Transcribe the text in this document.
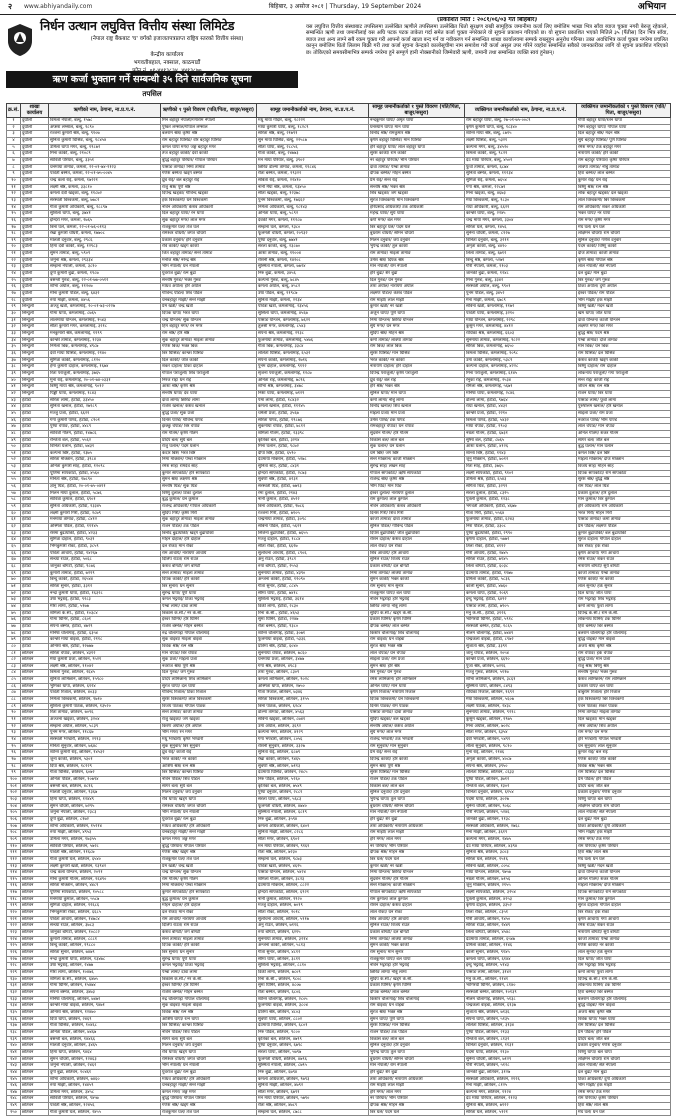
२ www.abhiyandaily.com	बिहिबार, ३ असोज २०८१ | Thursday, 19 September 2024	अभियान
निर्धन उत्थान लघुवित्त वित्तीय संस्था लिमिटेड
(नेपाल राष्ट्र बैंकबाट 'घ' वर्गको इजाजतपत्रप्राप्त राष्ट्रिय स्तरको वित्तीय संस्था)
केन्द्रीय कार्यालय
भगवतीबहाल, नक्साल, काठमाडौं
ऋण कर्जा भुक्तान गर्ने सम्बन्धी ३५ दिने सार्वजनिक सूचना
तपसिल
(प्रकाशित मिति : २०८१/०६/०३ गते बिहिबार)
यस लघुवित्त वित्तीय संस्थाबाट तपसिलमा उल्लेखित ऋणीले तपसिलमा उल्लेखित धितो सुरक्षण राखी सामूहिक जमानीमा कर्जा लिए बमोजिम भाखा भित्र साँवा ब्याज चुक्ता नगरी बेरुजु रहेकाले, सम्बन्धित ऋणी तथा जमानीलाई यस अघि पटक पटक ताकेता गर्दा समेत कर्जा चुक्ता नगरेकाले यो सूचना प्रकाशन गरिएको छ। यो सूचना प्रकाशित भएको मितिले ३५ (पैंतीस) दिन भित्र साँवा, ब्याज तथा अन्य लाग्ने सबै रकम चुक्ता गरी आफ्नो कर्जा खाता बन्द गर्न वा नवीकरण गर्न सम्बन्धित शाखा कार्यालयमा सम्पर्क राख्नुहुन अनुरोध गरिन्छ। उक्त अवधिभित्र कर्जा चुक्ता नगरेमा प्रचलित कानून बमोजिम धितो लिलाम बिक्री गरी तथा कर्जा सूचना केन्द्रको कालोसूचीमा नाम समावेश गरी कर्जा असुल उपर गरिने व्यहोरा सम्बन्धित सबैको जानकारीका लागि यो सूचना प्रकाशित गरिएको छ। तोकिएको समयसीमाभित्र सम्पर्क नगरेमा हुने सम्पूर्ण हानी नोक्सानीको जिम्मेवारी ऋणी, जमानी तथा सम्बन्धित व्यक्ति स्वयं हुनेछन्।
क्र.सं.	शाखा कार्यालय	ऋणीको नाम, ठेगाना, ना.प्र.प.नं.	ऋणीको १ पुस्ते विवरण (पति/पिता, बाजुर/ससुरा)	सामूह जमानीकर्ताको नाम, ठेगाना, ना.प्र.प.नं.	सामूह जमानीकर्ताको १ पुस्ते विवरण (पति/पिता, बाजुर/ससुरा)	व्यक्तिगत जमानीकर्ताको नाम, ठेगाना, ना.प्र.प.नं.	व्यक्तिगत जमानीकर्ताको १ पुस्ते विवरण (पति/पिता, बाजुर/ससुरा)
१	दुधौली	विमला नेपाली, बल्दु, १५७८	मिन बहादुर नेपाली/गंगाराम नेपाली	मधु माया गोदार, बल्दु, १८२२१	नन्दकुमार थापा/ अमृत थापा	राम बहादुर थापा, बल्दु, २७-०१-७५-००८९	गोपी बहादुर थापा/रतन थापा
२	दुधौली	अप्सरा लम्साल, बल्दु, १८९०	पुष्कर लम्साल/गोपाल लम्साल	माया कुमारी थापा, बल्दु, १८२८९	घनश्याम थापा/ मान थापा	कृष्ण कुमारी थापा, बल्दु, १८३४०	भिम बहादुर थापा/ गोपाल थापा
३	दुधौली	रञ्जना कुमारी श्रेष्ठ, बल्दु, ९१०७	बलराम श्रेष्ठ/ कृष्ण श्रेष्ठ	सरिता श्रेष्ठ, बल्दु, २१७९१	विनोद श्रेष्ठ/ रामकुमार श्रेष्ठ	शान्ति माया श्रेष्ठ, बल्दु, ८७१५	दिल बहादुर श्रेष्ठ/ मदन श्रेष्ठ
४	दुधौली	सुनिता कुमारी घिसिङ, बल्दु, १८४५४	राम बहादुर घिसिङ/ वीर बहादुर घिसिङ	सुन माया घिसिङ, बल्दु, २२५८७	कृष्ण बहादुर घिसिङ/ मान घिसिङ	लक्ष्मी घिसिङ, बल्दु, ५३२१	सुर्य बहादुर घिसिङ/ पूर्ण घिसिङ
५	दुधौली	उर्मिला थापा मगर, बल्दु, १९८७२	कमल थापा मगर/ जङ्ग बहादुर मगर	सीता थापा, बल्दु, २८८५६	हरि बहादुर थापा/ लाल बहादुर थापा	कल्पना मगर, बल्दु, ३४५२०	रमेश मगर/ टेक बहादुर मगर
६	दुधौली	मिना कार्की, बल्दु, २१०८९	तेज बहादुर कार्की/ देवी कार्की	गीता कार्की, बल्दु, २४७७३	सुरेश कार्की/ राम कार्की	बिमला कार्की, बल्दु, ९८२१	नारायण कार्की/ हरि कार्की
७	दुधौली	सावित्री परियार, बल्दु, ३३५१	बुद्धि बहादुर परियार/ गोपाल परियार	मन माया परियार, बल्दु, ३९०२	नर बहादुर परियार/ भीम परियार	देउ माया परियार, बल्दु, ४५०१	राम बहादुर परियार/ कृष्ण परियार
८	दुधौली	धनमाया तामाङ, कमला, २२-०१-७४-११२३	पासाङ तामाङ/ निमा तामाङ	छिरिङ डोल्मा तामाङ, कमला, ११८४६	दावा तामाङ/ पेम्बा तामाङ	फुर्वा तामाङ, कमला, ६८७४	लाक्पा तामाङ/ नोर्बु तामाङ
९	दुधौली	पार्वती बस्नेत, कमला, २२-०१-७५-००४५	गणेश बस्नेत/ खड्ग बस्नेत	रीता बस्नेत, कमला, १९३२२	दीपक बस्नेत/ मोहन बस्नेत	सुनिता बस्नेत, कमला, ११२३४	हिरा बस्नेत/ लाल बस्नेत
१०	दुधौली	चन्द्र कला राई, कमला, १७२२१	ध्रुव राई/ बल बहादुर राई	सबिता राई, कमला, २२४१०	प्रेम राई/ सन्त राई	सुमित्रा राई, कमला, ७६५४	कुमार राई/ धन राई
११	दुधौली	लक्ष्मी श्रेष्ठ, कमला, ३३८१०	राजु श्रेष्ठ/ पूर्ण श्रेष्ठ	नानी मैया श्रेष्ठ, कमला, १३४५०	सन्तोष श्रेष्ठ/ भक्त श्रेष्ठ	गंगा श्रेष्ठ, कमला, २२८७१	बिष्णु श्रेष्ठ/ रत्न श्रेष्ठ
१२	दुधौली	कमला देवी खड्का, बल्दु, ११८७२	दिपेन्द्र खड्का/ गोविन्द खड्का	सीता खड्का, बल्दु, १२३७८	शिव खड्का/ जंग खड्का	मिना खड्का, बल्दु, ४६७३	लोक बहादुर खड्का/ दल खड्का
१३	दुधौली	सरस्वती विश्वकर्मा, बल्दु, ७७८२	हर्क विश्वकर्मा/ धने विश्वकर्मा	पुनम विश्वकर्मा, बल्दु, १७६६२	सुरज विश्वकर्मा/ मान विश्वकर्मा	मैया विश्वकर्मा, बल्दु, ९८३०	लाल विश्वकर्मा/ बिर विश्वकर्मा
१४	दुधौली	गीता कुमारी अधिकारी, बल्दु, २८८९७	नविन अधिकारी/ केशव अधिकारी	निर्मला अधिकारी, बल्दु, १८१४३	हरिप्रसाद अधिकारी/ टंक अधिकारी	राधा अधिकारी, बल्दु, ६६२१	राम अधिकारी/ शंकर अधिकारी
१५	दुधौली	सुशिला थापा, बल्दु, ३७४१	दिल बहादुर थापा/ रन थापा	अनिता थापा, बल्दु, ५८९२	महेन्द्र थापा/ सुर्य थापा	कान्छी थापा, बल्दु, २२४५	भक्त थापा/ नर थापा
१६	दुधौली	इन्दिरा मगर, कमला, २७६५	सुक बहादुर मगर/ लाल मगर	देवकी मगर, कमला, ११२८७	कर्ण मगर/ बल मगर	चन्द्र माया मगर, कमला, ३३०४	राम मगर/ कृष्ण मगर
१७	दुधौली	बिना घले, कमला, २२-०१-७६-०११३	राजकुमार घले/ तेज घले	सम्झना घले, कमला, ९३८०	बिर बहादुर घले/ पदम घले	सरिता घले, कमला, १४५६	मेघ घले/ धन घले
१८	दुधौली	रेखा कुमारी चौधरी, कमला, १७७०८	रामेश्वर चौधरी/ जगत चौधरी	फूलमती चौधरी, कमला, २०९३२	बुधराम चौधरी/ सोमन चौधरी	सुनैना चौधरी, कमला, ८१२७	लक्षिमन चौधरी/ राम चौधरी
१९	दुधौली	मालती दनुवार, बल्दु, २९८६	प्रकाश दनुवार/ हरि दनुवार	पुष्पा दनुवार, बल्दु, ७७४१	मिलन दनुवार/ जय दनुवार	विनिता दनुवार, बल्दु, ३२११	सुनिल दनुवार/ गणेश दनुवार
२०	दुधौली	हिमा देवी कार्की, बल्दु, १२९८३	रवि कार्की/ खड्ग कार्की	सरला कार्की, बल्दु, २३८७०	भुपेन्द्र कार्की/ तुल कार्की	अमृता कार्की, बल्दु, ४४१०	पदम कार्की/ विष्णु कार्की
२१	दुधौली	सुमन तामाङ, बल्दु, ५९०९	जित बहादुर तामाङ/ सन्ते तामाङ	आशा तामाङ, बल्दु, ११००४	राम तामाङ/ माइला तामाङ	लिला तामाङ, बल्दु, ६७१२	दोर्जे तामाङ/ काजी तामाङ
२२	दुधौली	जमुना श्रेष्ठ, कमला, २९३३४	मनोज श्रेष्ठ/ नरेन्द्र श्रेष्ठ	रोशनी श्रेष्ठ, कमला, १४२०८	उमेश श्रेष्ठ/ दिपक श्रेष्ठ	बिन्दु श्रेष्ठ, कमला, ५२७१	कृष्ण श्रेष्ठ/ गोपाल श्रेष्ठ
२३	दुधौली	सम्झना नेपाली, कमला, ३८१०	भीम नेपाली/ धन नेपाली	सुस्मिता नेपाली, कमला, ७७२४	मान नेपाली/ राम नेपाली	गौरी नेपाली, कमला, ११०३	लाल नेपाली/ सेते नेपाली
२४	दुधौली	दुर्गा कुमारी बुढा, कमला, १९८७	युवराज बुढा/ रत्न बुढा	निरु बुढा, कमला, ३४५६	हरि बुढा/ शेर बुढा	जानकी बुढा, कमला, १२४८	दल बुढा/ मान बुढा
२५	दुधौली	बसन्ती गुरुङ, बल्दु, २२-०१-७७-०५१२	सन्तोष गुरुङ/ भक्त गुरुङ	कल्पना गुरुङ, बल्दु, ७८४५	दिल गुरुङ/ धन गुरुङ	मिना गुरुङ, बल्दु, ३३४२	बिर गुरुङ/ जंग गुरुङ
२६	दुधौली	शोभा अर्याल, बल्दु, ११२०७	माधव अर्याल/ हरि अर्याल	कमला अर्याल, बल्दु, ४५८२	तारा अर्याल/ नारायण अर्याल	सरस्वती अर्याल, बल्दु, ९९०१	टिका अर्याल/ दुर्गा अर्याल
२७	दुधौली	मीना कुमारी पौडेल, बल्दु, ६४३२	गोविन्द पौडेल/ शिव पौडेल	उषा पौडेल, बल्दु, ११९८७	लक्ष्मण पौडेल/ केशव पौडेल	पुनम पौडेल, बल्दु, ३४५२	ईश्वर पौडेल/ राम पौडेल
२८	दुधौली	रुपा माझी, कमला, ४४५६	धनबहादुर माझी/ सन्ते माझी	सुनिता माझी, कमला, २२३४	राम माझी/ लाल माझी	मैना माझी, कमला, ६७८९	भीम माझी/ हर्क माझी
२९	सिन्धुली	अञ्जु खत्री, कमलामाई, २०-०१-७३-०२२७	प्रेम खत्री/ चन्द्र खत्री	पवित्रा खत्री, कमलामाई, २३४५६	कुमार खत्री/ नर खत्री	सविना खत्री, कमलामाई, ११७२	बिष्णु खत्री/ मदन खत्री
३०	सिन्धुली	गोमा थापा, कमलामाई, ८७६५	दिपक थापा/ भरत थापा	सुसिला थापा, कमलामाई, ४५६७	अर्जुन थापा/ पूर्ण थापा	पार्वती थापा, कमलामाई, ३२१०	खेम थापा/ जीत थापा
३१	सिन्धुली	लालमाया योन्जन, कमलामाई, १५४३	चन्द्र योन्जन/ सुक योन्जन	पासाङ योन्जन, कमलामाई, ७६२१	निमा योन्जन/ छिरिङ योन्जन	माया योन्जन, कमलामाई, २२९८	दावा योन्जन/ काजी योन्जन
३२	सिन्धुली	सीता कुमारी मगर, कमलामाई, ३२१८	हिम बहादुर मगर/ रन मगर	तुलसी मगर, कमलामाई, ८५४३	सुर्य मगर/ धन मगर	कुसुम मगर, कमलामाई, ४४१२	लक्ष्मण मगर/ बिर मगर
३३	सिन्धुली	मनकुमारी श्रेष्ठ, कमलामाई, ११९९	राम श्रेष्ठ/ हरि श्रेष्ठ	सपना श्रेष्ठ, कमलामाई, २९३८	सुदिप श्रेष्ठ/ मोहन श्रेष्ठ	राधिका श्रेष्ठ, कमलामाई, ६६०३	बुद्धि श्रेष्ठ/ पदम श्रेष्ठ
३४	सिन्धुली	कान्छी तामाङ, कमलामाई, १२३४	सुक बहादुर तामाङ/ माइला तामाङ	फुलमाया तामाङ, कमलामाई, ५४७६	कर्मा तामाङ/ लाक्पा तामाङ	सुनमाया तामाङ, कमलामाई, ९८२२	पेम्बा तामाङ/ दोर्जे तामाङ
३५	सिन्धुली	निर्मला बिक, कमलामाई, ४९८७	गणेश बिक/ भक्त बिक	गीता बिक, कमलामाई, ३३८४	राम बिक/ लाल बिक	सरिता बिक, कमलामाई, ७६५०	मान बिक/ धन बिक
३६	सिन्धुली	देवी माया घिसिङ, कमलामाई, २१४०	बिर घिसिङ/ कान्छा घिसिङ	ललिता घिसिङ, कमलामाई, ६५३२	सुरेश घिसिङ/ मान घिसिङ	बिमला घिसिङ, कमलामाई, १०९८	राम घिसिङ/ दल घिसिङ
३७	सिन्धुली	सुमित्रा कार्की, कमलामाई, ८१२०	दिल कार्की/ जीत कार्की	सपना कार्की, कमलामाई, २७१६	भरत कार्की/ नर कार्की	उमा कार्की, कमलामाई, ५३८९	केशव कार्की/ खड्ग कार्की
३८	सिन्धुली	हेमा कुमारी दाहाल, कमलामाई, १६७४	शंकर दाहाल/ टिका दाहाल	पुनम दाहाल, कमलामाई, ९११२	नारायण दाहाल/ हरि दाहाल	कल्पना दाहाल, कमलामाई, ४२२८	बिष्णु दाहाल/ राम दाहाल
३९	सिन्धुली	रिता पराजुली, कमलामाई, ३७६५	गोपाल पराजुली/ शिव पराजुली	सृजना पराजुली, कमलामाई, १२८७	दिपेन्द्र पराजुली/ कृष्ण पराजुली	मिना पराजुली, कमलामाई, ६१४५	लोकनाथ पराजुली/ गंगा पराजुली
४०	सिन्धुली	मुना राई, कमलामाई, २०-०१-७४-०३३१	निरज राई/ धन राई	अनिता राई, कमलामाई, ७८९६	ध्रुव राई/ बल राई	रेनुका राई, कमलामाई, २५३४	सन्त राई/ काजी राई
४१	सिन्धुली	बिष्णु माया श्रेष्ठ, कमलामाई, ९०१२	आशा श्रेष्ठ/ कृष्ण श्रेष्ठ	शोभा श्रेष्ठ, कमलामाई, ३४७८	हरि श्रेष्ठ/ भक्त श्रेष्ठ	रमिला श्रेष्ठ, कमलामाई, ५६७१	जीवन श्रेष्ठ/ रत्न श्रेष्ठ
४२	सिन्धुली	पिङ्की थापा, कमलामाई, १८४३	सन्तोष थापा/ देव थापा	निशा थापा, कमलामाई, ७१२९	सुनिल थापा/ मान थापा	मनिषा थापा, कमलामाई, २८४६	राजन थापा/ बिर थापा
४३	हेटौंडा	सरिता लामा, हेटौंडा, ३३४५०	दावा लामा/ छिरिङ लामा	पेमा लामा, हेटौंडा, १८४३२	कर्मा लामा/ नोर्बु लामा	डोल्मा लामा, हेटौंडा, ९७६४	पासाङ लामा/ फुर्वा लामा
४४	हेटौंडा	सुनिता खनाल, हेटौंडा, २७१८९	राजेश खनाल/ केशव खनाल	कमला खनाल, हेटौंडा, ११२४५	विनोद खनाल/ शिव खनाल	राधा खनाल, हेटौंडा, ४४३२	पुरुषोत्तम खनाल/ हरि खनाल
४५	हेटौंडा	मञ्जु प्रजा, हेटौंडा, ६६२१	बुद्धि प्रजा/ सुक प्रजा	चमेली प्रजा, हेटौंडा, ३५६७	माइला प्रजा/ मान प्रजा	कान्छी प्रजा, हेटौंडा, २२१०	साइँला प्रजा/ राम प्रजा
४६	हेटौंडा	गंगा कुमारी पाण्डे, हेटौंडा, ८९०१	दिनेश पाण्डे/ गोविन्द पाण्डे	सरिता पाण्डे, हेटौंडा, १९८७६	उमेश पाण्डे/ टंक पाण्डे	बिमला पाण्डे, हेटौंडा, ५४३२	नवराज पाण्डे/ भीम पाण्डे
४७	हेटौंडा	पुष्पा चेपाङ, हेटौंडा, ४४८९	झक्कु चेपाङ/ बिर चेपाङ	सुकमाया चेपाङ, हेटौंडा, ७८१२	रामबहादुर चेपाङ/ धन चेपाङ	माया चेपाङ, हेटौंडा, १९०३	लाल चेपाङ/ मान चेपाङ
४८	हेटौंडा	सावित्री गौतम, हेटौंडा, १४७८६	राम गौतम/ कृष्ण गौतम	शर्मिला गौतम, हेटौंडा, २३३९८	सुदर्शन गौतम/ हरि गौतम	नम्रता गौतम, हेटौंडा, ६७३१	अनिल गौतम/ शंकर गौतम
४९	हेटौंडा	रन्जिता बल, हेटौंडा, ५५६२	प्रदिप बल/ सुर्य बल	कृतिका बल, हेटौंडा, ३२१४	विकास बल/ लाल बल	सुष्मा बल, हेटौंडा, ८७६५	सागर बल/ जीत बल
५०	हेटौंडा	विनिता घलान, हेटौंडा, ७४३१	राजु घलान/ पदम घलान	मिना घलान, हेटौंडा, ९८७२	सुक घलान/ धन घलान	आशा घलान, हेटौंडा, ४१२६	बुद्ध घलान/ मान घलान
५१	हेटौंडा	कल्पना बिष्ट, हेटौंडा, २३७५	केदार बिष्ट/ भरत बिष्ट	दीपा बिष्ट, हेटौंडा, ६५९०	धर्म बिष्ट/ जंग बिष्ट	शान्ता बिष्ट, हेटौंडा, ११४३	कमल बिष्ट/ दल बिष्ट
५२	हेटौंडा	सरिता मोक्तान, हेटौंडा, ३९८४	निमा मोक्तान/ पेम्बा मोक्तान	देउमाया मोक्तान, हेटौंडा, ५२७८	सन्ते मोक्तान/ काजी मोक्तान	जुनु मोक्तान, हेटौंडा, ७०१२	माइला मोक्तान/ दोर्जे मोक्तान
५३	हेटौंडा	अनिता कुमारी साह, हेटौंडा, १२०९८	रमेश साह/ रामदेव साह	सुनिता साह, हेटौंडा, ८४३१	सुरेन्द्र साह/ लखन साह	रिता साह, हेटौंडा, ३७६५	विजय साह/ मोहन साह
५४	हेटौंडा	पूर्णिमा सापकोटा, हेटौंडा, ४५६०	कुमार सापकोटा/ हरि सापकोटा	इन्दिरा सापकोटा, हेटौंडा, २८७३	गोपाल सापकोटा/ ऋषि सापकोटा	लक्ष्मी सापकोटा, हेटौंडा, ९१०२	दिपक सापकोटा/ राम सापकोटा
५५	हेटौंडा	मनिता श्रेष्ठ, हेटौंडा, १७८९०	सुमन श्रेष्ठ/ लक्ष्मण श्रेष्ठ	सुवर्णा श्रेष्ठ, हेटौंडा, ४२३१	राजेन्द्र श्रेष्ठ/ कृष्ण श्रेष्ठ	उर्मिला श्रेष्ठ, हेटौंडा, ६५४३	सुरेश श्रेष्ठ/ बुद्धि श्रेष्ठ
५६	हेटौंडा	ज्ञानु थिङ, हेटौंडा, २०-०१-७५-०४११	सन्तोष थिङ/ सुक थिङ	सरस्वती थिङ, हेटौंडा, ७७१३	भीम थिङ/ मान थिङ	संगिता थिङ, हेटौंडा, ३२९१	राम थिङ/ लाल थिङ
५७	हेटौंडा	मिलन माया दुलाल, हेटौंडा, ५८७६	विष्णु दुलाल/ टिका दुलाल	रमा दुलाल, हेटौंडा, २१४३	ईश्वर दुलाल/ नारायण दुलाल	सरला दुलाल, हेटौंडा, ८३२५	प्रकाश दुलाल/ हरि दुलाल
५८	हेटौंडा	सावित्रा कुमाल, हेटौंडा, ६९०१	बुद्ध कुमाल/ धन कुमाल	नानी कुमाल, हेटौंडा, ४५२२	राम कुमाल/ लाल कुमाल	पुतली कुमाल, हेटौंडा, १२३८	मान कुमाल/ बिर कुमाल
५९	हेटौंडा	सुनिता अधिकारी, हेटौंडा, १३३४५	राजेन्द्र अधिकारी/ गोपाल अधिकारी	बिना अधिकारी, हेटौंडा, ९७८६	नविन अधिकारी/ केशव अधिकारी	भगवती अधिकारी, हेटौंडा, ४६७७	हरि अधिकारी/ राम अधिकारी
६०	हेटौंडा	लक्ष्मी कुमारी गिरी, हेटौंडा, २८७९	सुदिप गिरी/ कृष्ण गिरी	रञ्जना गिरी, हेटौंडा, ७१०५	दिनेश गिरी/ शिव गिरी	गीता गिरी, हेटौंडा, ५५६४	भरत गिरी/ मोहन गिरी
६१	हेटौंडा	मनमाया तामाङ, हेटौंडा, ८४१२	सुक बहादुर तामाङ/ माइला तामाङ	चन्द्रमाया तामाङ, हेटौंडा, ३०९८	काजी तामाङ/ दावा तामाङ	फुलमाया तामाङ, हेटौंडा, ६२४३	पासाङ तामाङ/ कर्मा तामाङ
६२	हेटौंडा	अस्मिता पौडेल, हेटौंडा, १११४५	राजन पौडेल/ टंक पौडेल	सबिना पौडेल, हेटौंडा, ५६२१	सुनिल पौडेल/ गोविन्द पौडेल	निरा पौडेल, हेटौंडा, ३३०८	प्रेम पौडेल/ लक्ष्मण पौडेल
६३	हेटौंडा	रेशमा बुढाथोकी, हेटौंडा, ४२३३	बिनोद बुढाथोकी/ खड्ग बुढाथोकी	सिर्जना बुढाथोकी, हेटौंडा, ७६५५	दिपेश बुढाथोकी/ जीत बुढाथोकी	पुष्पा बुढाथोकी, हेटौंडा, २९९०	कुमार बुढाथोकी/ बल बुढाथोकी
६४	हेटौंडा	सुमित्रा दाहाल, हेटौंडा, ९०३१	मोहन दाहाल/ हरि दाहाल	मञ्जु दाहाल, हेटौंडा, १८८४	रोशन दाहाल/ केशव दाहाल	कृष्णा दाहाल, हेटौंडा, ५७७२	सुरज दाहाल/ गोपाल दाहाल
६५	हेटौंडा	भिमकुमारी रोका, हेटौंडा, ३८५९	दल रोका/ मान रोका	सीता रोका, हेटौंडा, ६६२७	लाल रोका/ धन रोका	तिला रोका, हेटौंडा, ४११२	बिर रोका/ हर्क रोका
६६	हेटौंडा	पविता आचार्य, हेटौंडा, १४२६७	राम आचार्य/ नारायण आचार्य	सुलोचना आचार्य, हेटौंडा, ८९०६	शिव आचार्य/ हरि आचार्य	गौरी आचार्य, हेटौंडा, २७४५	कृष्ण आचार्य/ गंगा आचार्य
६७	हेटौंडा	सन्ध्या राउत, हेटौंडा, ५०६८	दिलिप राउत/ राम राउत	अनु राउत, हेटौंडा, ३९८१	सुनिल राउत/ विजय राउत	सरिता राउत, हेटौंडा, ७१४५	रमेश राउत/ शंकर राउत
६८	हेटौंडा	जानुका बोगटी, हेटौंडा, ९८७६	केशव बोगटी/ जंग बोगटी	रुपा बोगटी, हेटौंडा, २५५३	प्रकाश बोगटी/ दल बोगटी	लिला बोगटी, हेटौंडा, ६०३८	नारायण बोगटी/ सुर्य बोगटी
६९	हेटौंडा	कुमारी तामाङ, हेटौंडा, ७२१९	सन्ते तामाङ/ माइला तामाङ	सुनमाया तामाङ, हेटौंडा, ४३९०	निमा तामाङ/ लाक्पा तामाङ	देउमाया तामाङ, हेटौंडा, ११७७	काजी तामाङ/ पेम्बा तामाङ
७०	हेटौंडा	बिन्दु कार्की, हेटौंडा, २६५४४	दिपक कार्की/ हरि कार्की	अन्जना कार्की, हेटौंडा, १२०९०	सुमन कार्की/ भक्त कार्की	प्रमिला कार्की, हेटौंडा, ५८३६	गणेश कार्की/ नर कार्की
७१	हेटौंडा	सरिता सुनार, हेटौंडा, ३३१२	बिर सुनार/ धन सुनार	गीता सुनार, हेटौंडा, ८८४५	राम सुनार/ मान सुनार	काली सुनार, हेटौंडा, ४७६०	लाल सुनार/ हर्क सुनार
७२	हेटौंडा	नन्दा कुमारी थापा, हेटौंडा, १६३२८	सुरेन्द्र थापा/ पूर्ण थापा	सीमा थापा, हेटौंडा, ७४१८	राजकुमार थापा/ बल थापा	कमला थापा, हेटौंडा, २०६९	दिल थापा/ जीत थापा
७३	हेटौंडा	उषा भट्टराई, हेटौंडा, ९२८३	कमल भट्टराई/ टिका भट्टराई	सुशिला भट्टराई, हेटौंडा, ३६१४	नविन भट्टराई/ हरि भट्टराई	इन्दु भट्टराई, हेटौंडा, ६४९२	राम भट्टराई/ शिव भट्टराई
७४	हेटौंडा	मीरा लामा, हेटौंडा, ५१७७	पेम्बा लामा/ दावा लामा	डिकी लामा, हेटौंडा, २८३०	छिरिङ लामा/ नोर्बु लामा	पासाङ लामा, हेटौंडा, ७९०५	कर्मा लामा/ फुर्वा लामा
७५	हेटौंडा	शर्मिला के.सी., हेटौंडा, १०३८४	बिकास के.सी./ नर के.सी.	रिना के.सी., हेटौंडा, ४६५३	सुदिप के.सी./ खड्ग के.सी.	मनु के.सी., हेटौंडा, ३१२६	दिपेन्द्र के.सी./ राम के.सी.
७६	हेटौंडा	गोमा घिमिरे, हेटौंडा, ८६०१	ईश्वर घिमिरे/ हरि घिमिरे	सुमा घिमिरे, हेटौंडा, २२४७	प्रकाश घिमिरे/ कृष्ण घिमिरे	भागिरथी घिमिरे, हेटौंडा, ५९१८	लोकनाथ घिमिरे/ टंक घिमिरे
७७	हेटौंडा	सपना बस्नेत, हेटौंडा, ४७२९	राजेश बस्नेत/ मोहन बस्नेत	रीता बस्नेत, हेटौंडा, ९३८०	दीपक बस्नेत/ लाल बस्नेत	सरस्वती बस्नेत, हेटौंडा, १८६५	हिरा बस्नेत/ बिर बस्नेत
७८	हेटौंडा	मनिषा चौलागाईं, हेटौंडा, ६३५४	रुद्र चौलागाईं/ गोपाल चौलागाईं	शान्ति चौलागाईं, हेटौंडा, ३०७१	किशोर चौलागाईं/ शिव चौलागाईं	नीलम चौलागाईं, हेटौंडा, ७४४९	बलराम चौलागाईं/ हरि चौलागाईं
७९	हेटौंडा	कान्छी माया वाइबा, हेटौंडा, २११८	सुक वाइबा/ माइला वाइबा	फुलमाया वाइबा, हेटौंडा, ५३३६	राम वाइबा/ धन वाइबा	चन्द्रकला वाइबा, हेटौंडा, ८९७२	बुद्धि वाइबा/ मान वाइबा
८०	हेटौंडा	अनिशा श्रेष्ठ, हेटौंडा, १२७७७	विवेक श्रेष्ठ/ रत्न श्रेष्ठ	प्रतिमा श्रेष्ठ, हेटौंडा, ६०४०	सुरज श्रेष्ठ/ भक्त श्रेष्ठ	सुजाता श्रेष्ठ, हेटौंडा, ३३९१	अजय श्रेष्ठ/ कृष्ण श्रेष्ठ
८१	छतिवन	सरिता चेपाङ, छतिवन, ४३१२	मान चेपाङ/ बिर चेपाङ	सुनमाया चेपाङ, छतिवन, ७८६०	लाल चेपाङ/ धन चेपाङ	जानु चेपाङ, छतिवन, २०५४	राम चेपाङ/ हर्क चेपाङ
८२	छतिवन	मैया कुमारी प्रजा, छतिवन, ९५२१	सुक प्रजा/ माइला प्रजा	धनमाया प्रजा, छतिवन, ३४७७	साइँला प्रजा/ राम प्रजा	कान्छी प्रजा, छतिवन, ६६९०	बुद्धि प्रजा/ मान प्रजा
८३	छतिवन	लक्ष्मी श्रेष्ठ, छतिवन, ११०४२	नवराज श्रेष्ठ/ पूर्ण श्रेष्ठ	गंगा श्रेष्ठ, छतिवन, ४९८३	सुमन श्रेष्ठ/ हरि श्रेष्ठ	पुजा श्रेष्ठ, छतिवन, ७२१६	राजु श्रेष्ठ/ बिष्णु श्रेष्ठ
८४	छतिवन	बिमला गुरुङ, छतिवन, २६४५	दिल गुरुङ/ जंग गुरुङ	तारा गुरुङ, छतिवन, ८३०९	बिर गुरुङ/ धन गुरुङ	मञ्जु गुरुङ, छतिवन, ५११७	सन्तोष गुरुङ/ भक्त गुरुङ
८५	छतिवन	सुनिता लामिछाने, छतिवन, १५९८०	प्रदिप लामिछाने/ शिव लामिछाने	कमला लामिछाने, छतिवन, ९०२८	रमेश लामिछाने/ हरि लामिछाने	शोभा लामिछाने, छतिवन, ३८६१	केशव लामिछाने/ राम लामिछाने
८६	छतिवन	भुमिका थापा, छतिवन, ६१२४	सुरज थापा/ दल थापा	अस्मिता थापा, छतिवन, २७५०	अनिल थापा/ मान थापा	सुस्मिता थापा, छतिवन, ८४९३	प्रकाश थापा/ बल थापा
८७	छतिवन	पार्वती रिजाल, छतिवन, ४०३३	गोविन्द रिजाल/ टिका रिजाल	गीता रिजाल, छतिवन, ७३४६	कृष्ण रिजाल/ नारायण रिजाल	राधिका रिजाल, छतिवन, १६९२	बाबुराम रिजाल/ हरि रिजाल
८८	छतिवन	निर्मला विश्वकर्मा, छतिवन, ९७१०	सुरेश विश्वकर्मा/ लाल विश्वकर्मा	सरिता विश्वकर्मा, छतिवन, ३१५५	दिपक विश्वकर्मा/ धन विश्वकर्मा	मैया विश्वकर्मा, छतिवन, ५६०७	हर्क विश्वकर्मा/ बिर विश्वकर्मा
८९	छतिवन	सुशिला कुमारी पाठक, छतिवन, १३५२०	विजय पाठक/ गोपाल पाठक	बिना पाठक, छतिवन, ६२८४	दिनेश पाठक/ राम पाठक	लक्ष्मी पाठक, छतिवन, २४३८	पवन पाठक/ शंकर पाठक
९०	छतिवन	रिता तामाङ, छतिवन, ७०९६	सन्ते तामाङ/ काजी तामाङ	डोल्मा तामाङ, छतिवन, ४५६३	पासाङ तामाङ/ दावा तामाङ	सुनमाया तामाङ, छतिवन, ९२१८	निमा तामाङ/ माइला तामाङ
९१	छतिवन	अञ्जना खड्का, छतिवन, ३२०४	राजु खड्का/ जंग खड्का	सविना खड्का, छतिवन, ८७४१	सुदिप खड्का/ बल खड्का	कुसुम खड्का, छतिवन, १९७५	दिल खड्का/ मान खड्का
९२	छतिवन	सम्झना अर्याल, छतिवन, ५८३९	किरण अर्याल/ हरि अर्याल	उमा अर्याल, छतिवन, ३६९२	सन्तोष अर्याल/ केशव अर्याल	मिना अर्याल, छतिवन, ७०२८	रमेश अर्याल/ शिव अर्याल
९३	छतिवन	पुनम मगर, छतिवन, ११८६७	भीम मगर/ रन मगर	कल्पना मगर, छतिवन, ४१२९	सुर्य मगर/ लाल मगर	सीता मगर, छतिवन, ६३५४	राम मगर/ धन मगर
९४	छतिवन	सरस्वती भण्डारी, छतिवन, २९१३	मधु भण्डारी/ कृष्ण भण्डारी	गंगा भण्डारी, छतिवन, ८०५६	राजेन्द्र भण्डारी/ टंक भण्डारी	देवी भण्डारी, छतिवन, ५४९१	हरि भण्डारी/ गोपाल भण्डारी
९५	छतिवन	मनिता सुनुवार, छतिवन, ७६४८	सुक सुनुवार/ बिर सुनुवार	रोशनी सुनुवार, छतिवन, ३३२७	राम सुनुवार/ मान सुनुवार	लीला सुनुवार, छतिवन, ९८१०	धन सुनुवार/ लाल सुनुवार
९६	छतिवन	शान्ति कुमारी राई, छतिवन, १४५३२	ध्रुव राई/ काजी राई	सुनिता राई, छतिवन, ६८७९	प्रेम राई/ सन्त राई	मुना राई, छतिवन, २१४६	कुमार राई/ बल राई
९७	छतिवन	जुना कार्की, छतिवन, ५३०१	भरत कार्की/ नर कार्की	रेखा कार्की, छतिवन, ९४६५	दिपेन्द्र कार्की/ हरि कार्की	अमृता कार्की, छतिवन, ४०८७	गणेश कार्की/ जीत कार्की
९८	छतिवन	दिपा श्रेष्ठ, छतिवन, १८२२९	आशिष श्रेष्ठ/ रत्न श्रेष्ठ	सुवर्णा श्रेष्ठ, छतिवन, ७११३	सुमन श्रेष्ठ/ पूर्ण श्रेष्ठ	सपना श्रेष्ठ, छतिवन, ३९५०	विवेक श्रेष्ठ/ भक्त श्रेष्ठ
९९	छतिवन	गीता घिसिङ, छतिवन, ६०७२	बिर घिसिङ/ कान्छा घिसिङ	देउमाया घिसिङ, छतिवन, २४८५	सुरेश घिसिङ/ मान घिसिङ	ललिता घिसिङ, छतिवन, ८६३३	राम घिसिङ/ दल घिसिङ
१००	छतिवन	अनिता पौडेल, छतिवन, १०७९४	नविन पौडेल/ शिव पौडेल	निरु पौडेल, छतिवन, ५२६०	राजन पौडेल/ टंक पौडेल	पुष्पा पौडेल, छतिवन, ३७१२	प्रेम पौडेल/ हरि पौडेल
१०१	छतिवन	बसन्ती बल, छतिवन, ४८१६	सागर बल/ सुर्य बल	कृतिका बल, छतिवन, ७५४९	विकास बल/ लाल बल	रन्जिता बल, छतिवन, १३०२	प्रदिप बल/ जीत बल
१०२	छतिवन	मालती दनुवार, छतिवन, ९३६७	मिलन दनुवार/ जय दनुवार	पुष्पा दनुवार, छतिवन, २८८१	सुनिल दनुवार/ हरि दनुवार	विनिता दनुवार, छतिवन, ६१५४	प्रकाश दनुवार/ गणेश दनुवार
१०३	छतिवन	हिमा थापा, छतिवन, १२४४९	रवि थापा/ खड्ग थापा	सरला थापा, छतिवन, ५६८३	भुपेन्द्र थापा/ तुल थापा	पदमा थापा, छतिवन, ३०२७	विष्णु थापा/ बल थापा
१०४	छतिवन	सुमन चौधरी, छतिवन, ७२९५	रामेश्वर चौधरी/ जगत चौधरी	फूलमती चौधरी, छतिवन, ४७४०	बुधराम चौधरी/ सोमन चौधरी	सुनैना चौधरी, छतिवन, ९०६८	लक्षिमन चौधरी/ राम चौधरी
१०५	छतिवन	जमुना नेपाली, छतिवन, २३८३	भीम नेपाली/ धन नेपाली	सुस्मिता नेपाली, छतिवन, ६८१९	मान नेपाली/ राम नेपाली	गौरी नेपाली, छतिवन, ५२४६	लाल नेपाली/ सेते नेपाली
१०६	छतिवन	दुर्गा बुढा, छतिवन, ८१७२	युवराज बुढा/ रत्न बुढा	निरु बुढा, छतिवन, ३५९४	हरि बुढा/ शेर बुढा	जानकी बुढा, छतिवन, ११३८	दल बुढा/ मान बुढा
१०७	छतिवन	शोभा अधिकारी, छतिवन, १५२१४	माधव अधिकारी/ हरि अधिकारी	कमला अधिकारी, छतिवन, ६४०१	तारा अधिकारी/ नारायण अधिकारी	सरस्वती अधिकारी, छतिवन, २७६८	टिका अधिकारी/ दुर्गा अधिकारी
१०८	छतिवन	रुपा माझी, छतिवन, ४९५३	धनबहादुर माझी/ सन्ते माझी	सुनिता माझी, छतिवन, ८२८६	राम माझी/ लाल माझी	मैना माझी, छतिवन, ३६१९	भीम माझी/ हर्क माझी
१०९	छतिवन	उर्मिला मगर, छतिवन, १७३५५	कमल मगर/ जङ्ग मगर	सीता मगर, छतिवन, ६९०२	हरि मगर/ लाल मगर	कल्पना मगर, छतिवन, २४७५	रमेश मगर/ टेक मगर
११०	छतिवन	सावित्री परियार, छतिवन, ५७२८	बुद्धि परियार/ गोपाल परियार	मन माया परियार, छतिवन, ९१६१	नर परियार/ भीम परियार	देउ माया परियार, छतिवन, ४३९४	राम परियार/ कृष्ण परियार
१११	छतिवन	पार्वती श्रेष्ठ, छतिवन, ११६८७	गणेश श्रेष्ठ/ खड्ग श्रेष्ठ	रीता श्रेष्ठ, छतिवन, ७२३०	दीपक श्रेष्ठ/ मोहन श्रेष्ठ	सुनिता श्रेष्ठ, छतिवन, ३८०३	हिरा श्रेष्ठ/ लाल श्रेष्ठ
११२	छतिवन	गीता कुमारी घले, छतिवन, ६५४०	राजकुमार घले/ तेज घले	सम्झना घले, छतिवन, ९८७३	बिर घले/ पदम घले	सरिता घले, छतिवन, १५१६	मेघ घले/ धन घले
११३	छतिवन	लक्ष्मी कुमारी खत्री, छतिवन, १३९४२	प्रेम खत्री/ चन्द्र खत्री	पवित्रा खत्री, छतिवन, ४६२५	कुमार खत्री/ नर खत्री	सविना खत्री, छतिवन, ८०५८	बिष्णु खत्री/ मदन खत्री
११४	छतिवन	चन्द्र कला योन्जन, छतिवन, २०९१	चन्द्र योन्जन/ सुक योन्जन	पासाङ योन्जन, छतिवन, ५४२४	निमा योन्जन/ छिरिङ योन्जन	माया योन्जन, छतिवन, ९७५७	दावा योन्जन/ काजी योन्जन
११५	छतिवन	मीना कुमारी गौतम, छतिवन, १६४९०	राम गौतम/ कृष्ण गौतम	शर्मिला गौतम, छतिवन, ३८२३	सुदर्शन गौतम/ हरि गौतम	नम्रता गौतम, छतिवन, ७१५६	अनिल गौतम/ शंकर गौतम
११६	छतिवन	सरिता मोक्तान, छतिवन, ४४८९	निमा मोक्तान/ पेम्बा मोक्तान	देउमाया मोक्तान, छतिवन, ८८२२	सन्ते मोक्तान/ काजी मोक्तान	जुनु मोक्तान, छतिवन, २१५५	माइला मोक्तान/ दोर्जे मोक्तान
११७	छतिवन	पूर्णिमा सापकोटा, छतिवन, १०५८८	कुमार सापकोटा/ हरि सापकोटा	इन्दिरा सापकोटा, छतिवन, ६९२१	गोपाल सापकोटा/ ऋषि सापकोटा	लक्ष्मी सापकोटा, छतिवन, ३२५४	दिपक सापकोटा/ राम सापकोटा
११८	छतिवन	मनमाया कुमाल, छतिवन, ५५८७	बुद्ध कुमाल/ धन कुमाल	नानी कुमाल, छतिवन, ९९२०	राम कुमाल/ लाल कुमाल	पुतली कुमाल, छतिवन, ४२५३	मान कुमाल/ बिर कुमाल
११९	छतिवन	सुमित्रा दाहाल, छतिवन, १२६८६	मोहन दाहाल/ हरि दाहाल	मञ्जु दाहाल, छतिवन, ७०१९	रोशन दाहाल/ केशव दाहाल	कृष्णा दाहाल, छतिवन, ३३५२	सुरज दाहाल/ गोपाल दाहाल
१२०	छतिवन	भिमकुमारी रोका, छतिवन, ६६८५	दल रोका/ मान रोका	सीता रोका, छतिवन, २०१८	लाल रोका/ धन रोका	तिला रोका, छतिवन, ८३५१	बिर रोका/ हर्क रोका
१२१	छतिवन	पविता आचार्य, छतिवन, १४७८४	राम आचार्य/ नारायण आचार्य	सुलोचना आचार्य, छतिवन, ५११७	शिव आचार्य/ हरि आचार्य	गौरी आचार्य, छतिवन, ९४५०	कृष्ण आचार्य/ गंगा आचार्य
१२२	छतिवन	सन्ध्या राउत, छतिवन, ३७८३	दिलिप राउत/ राम राउत	अनु राउत, छतिवन, ७११६	सुनिल राउत/ विजय राउत	सरिता राउत, छतिवन, २४४९	रमेश राउत/ शंकर राउत
१२३	छतिवन	जानुका बोगटी, छतिवन, १०८८२	केशव बोगटी/ जंग बोगटी	रुपा बोगटी, छतिवन, ६२१५	प्रकाश बोगटी/ दल बोगटी	लिला बोगटी, छतिवन, ४५४८	नारायण बोगटी/ सुर्य बोगटी
१२४	छतिवन	कुमारी तामाङ, छतिवन, ८८८१	सन्ते तामाङ/ माइला तामाङ	सुनमाया तामाङ, छतिवन, ३२१४	निमा तामाङ/ लाक्पा तामाङ	देउमाया तामाङ, छतिवन, ६५४७	काजी तामाङ/ पेम्बा तामाङ
१२५	छतिवन	बिन्दु कार्की, छतिवन, १९८८०	दिपक कार्की/ हरि कार्की	अन्जना कार्की, छतिवन, ५८१३	सुमन कार्की/ भक्त कार्की	प्रमिला कार्की, छतिवन, २१४६	गणेश कार्की/ नर कार्की
१२६	छतिवन	सरिता सुनार, छतिवन, ७४७९	बिर सुनार/ धन सुनार	गीता सुनार, छतिवन, ४८१२	राम सुनार/ मान सुनार	काली सुनार, छतिवन, ९१४५	लाल सुनार/ हर्क सुनार
१२७	छतिवन	नन्दा कुमारी थापा, छतिवन, १३४७८	सुरेन्द्र थापा/ पूर्ण थापा	सीमा थापा, छतिवन, ३८११	राजकुमार थापा/ बल थापा	कमला थापा, छतिवन, ६१४४	दिल थापा/ जीत थापा
१२८	छतिवन	उषा भट्टराई, छतिवन, २४७७	कमल भट्टराई/ टिका भट्टराई	सुशिला भट्टराई, छतिवन, ८८१०	नविन भट्टराई/ हरि भट्टराई	इन्दु भट्टराई, छतिवन, ५१४३	राम भट्टराई/ शिव भट्टराई
१२९	छतिवन	मीरा लामा, छतिवन, १०४७६	पेम्बा लामा/ दावा लामा	डिकी लामा, छतिवन, ७८०९	छिरिङ लामा/ नोर्बु लामा	पासाङ लामा, छतिवन, ३१४२	कर्मा लामा/ फुर्वा लामा
१३०	छतिवन	शर्मिला के.सी., छतिवन, ६४७५	बिकास के.सी./ नर के.सी.	रिना के.सी., छतिवन, ९८०८	सुदिप के.सी./ खड्ग के.सी.	मनु के.सी., छतिवन, २१४१	दिपेन्द्र के.सी./ राम के.सी.
१३१	छतिवन	गोमा घिमिरे, छतिवन, १५४७४	ईश्वर घिमिरे/ हरि घिमिरे	सुमा घिमिरे, छतिवन, ४८०७	प्रकाश घिमिरे/ कृष्ण घिमिरे	भागिरथी घिमिरे, छतिवन, ८१४०	लोकनाथ घिमिरे/ टंक घिमिरे
१३२	छतिवन	सपना बस्नेत, छतिवन, ३४७३	राजेश बस्नेत/ मोहन बस्नेत	रीता बस्नेत, छतिवन, ६८०६	दीपक बस्नेत/ लाल बस्नेत	सरस्वती बस्नेत, छतिवन, १०१३९	हिरा बस्नेत/ बिर बस्नेत
१३३	छतिवन	मनिषा चौलागाईं, छतिवन, ७४७२	रुद्र चौलागाईं/ गोपाल चौलागाईं	शान्ति चौलागाईं, छतिवन, २८०५	किशोर चौलागाईं/ शिव चौलागाईं	नीलम चौलागाईं, छतिवन, ५१३८	बलराम चौलागाईं/ हरि चौलागाईं
१३४	छतिवन	कान्छी माया वाइबा, छतिवन, ९४७१	सुक वाइबा/ माइला वाइबा	फुलमाया वाइबा, छतिवन, ३८०४	राम वाइबा/ धन वाइबा	चन्द्रकला वाइबा, छतिवन, ६१३७	बुद्धि वाइबा/ मान वाइबा
१३५	छतिवन	अनिशा श्रेष्ठ, छतिवन, १२४७०	विवेक श्रेष्ठ/ रत्न श्रेष्ठ	प्रतिमा श्रेष्ठ, छतिवन, ४८०३	सुरज श्रेष्ठ/ भक्त श्रेष्ठ	सुजाता श्रेष्ठ, छतिवन, ७१३६	अजय श्रेष्ठ/ कृष्ण श्रेष्ठ
१३६	छतिवन	दिपा थापा, छतिवन, २४६९	आशिष थापा/ रत्न थापा	सुवर्णा थापा, छतिवन, ८८०२	सुमन थापा/ पूर्ण थापा	सपना थापा, छतिवन, ५१३५	विवेक थापा/ भक्त थापा
१३७	छतिवन	गीता घिसिङ, छतिवन, १०४६८	बिर घिसिङ/ कान्छा घिसिङ	देउमाया घिसिङ, छतिवन, ६८०१	सुरेश घिसिङ/ मान घिसिङ	ललिता घिसिङ, छतिवन, ३१३४	राम घिसिङ/ दल घिसिङ
१३८	छतिवन	अनिता पौडेल, छतिवन, ७४६७	नविन पौडेल/ शिव पौडेल	निरु पौडेल, छतिवन, ९८००	राजन पौडेल/ टंक पौडेल	पुष्पा पौडेल, छतिवन, २१३३	प्रेम पौडेल/ हरि पौडेल
१३९	छतिवन	बसन्ती बल, छतिवन, १४४६६	सागर बल/ सुर्य बल	कृतिका बल, छतिवन, ४७९९	विकास बल/ लाल बल	रन्जिता बल, छतिवन, ८१३२	प्रदिप बल/ जीत बल
१४०	छतिवन	मालती दनुवार, छतिवन, ३४६५	मिलन दनुवार/ जय दनुवार	पुष्पा दनुवार, छतिवन, ६७९८	सुनिल दनुवार/ हरि दनुवार	विनिता दनुवार, छतिवन, ११३१	प्रकाश दनुवार/ गणेश दनुवार
१४१	छतिवन	हिमा थापा, छतिवन, ९४६४	रवि थापा/ खड्ग थापा	सरला थापा, छतिवन, ५७९७	भुपेन्द्र थापा/ तुल थापा	पदमा थापा, छतिवन, २१३०	विष्णु थापा/ बल थापा
१४२	छतिवन	सुमन चौधरी, छतिवन, १२४६३	रामेश्वर चौधरी/ जगत चौधरी	फूलमती चौधरी, छतिवन, ४७९६	बुधराम चौधरी/ सोमन चौधरी	सुनैना चौधरी, छतिवन, ७१२९	लक्षिमन चौधरी/ राम चौधरी
१४३	छतिवन	जमुना नेपाली, छतिवन, २४६२	भीम नेपाली/ धन नेपाली	सुस्मिता नेपाली, छतिवन, ८७९५	मान नेपाली/ राम नेपाली	गौरी नेपाली, छतिवन, ५१२८	लाल नेपाली/ सेते नेपाली
१४४	छतिवन	दुर्गा बुढा, छतिवन, १०४६१	युवराज बुढा/ रत्न बुढा	निरु बुढा, छतिवन, ६७९४	हरि बुढा/ शेर बुढा	जानकी बुढा, छतिवन, ३१२७	दल बुढा/ मान बुढा
१४५	छतिवन	शोभा अधिकारी, छतिवन, ७४६०	माधव अधिकारी/ हरि अधिकारी	कमला अधिकारी, छतिवन, ९७९३	तारा अधिकारी/ नारायण अधिकारी	सरस्वती अधिकारी, छतिवन, २१२६	टिका अधिकारी/ दुर्गा अधिकारी
१४६	छतिवन	रुपा माझी, छतिवन, १४४५९	धनबहादुर माझी/ सन्ते माझी	सुनिता माझी, छतिवन, ४७९२	राम माझी/ लाल माझी	मैना माझी, छतिवन, ८१२५	भीम माझी/ हर्क माझी
१४७	छतिवन	उर्मिला मगर, छतिवन, ३४५८	कमल मगर/ जङ्ग मगर	सीता मगर, छतिवन, ६७९१	हरि मगर/ लाल मगर	कल्पना मगर, छतिवन, ११२४	रमेश मगर/ टेक मगर
१४८	छतिवन	सावित्री परियार, छतिवन, ९४५७	बुद्धि परियार/ गोपाल परियार	मन माया परियार, छतिवन, ५७९०	नर परियार/ भीम परियार	देउ माया परियार, छतिवन, २१२३	राम परियार/ कृष्ण परियार
१४९	छतिवन	पार्वती श्रेष्ठ, छतिवन, १२४५६	गणेश श्रेष्ठ/ खड्ग श्रेष्ठ	रीता श्रेष्ठ, छतिवन, ४७८९	दीपक श्रेष्ठ/ मोहन श्रेष्ठ	सुनिता श्रेष्ठ, छतिवन, ७१२२	हिरा श्रेष्ठ/ लाल श्रेष्ठ
१५०	छतिवन	गीता कुमारी घले, छतिवन, २४५५	राजकुमार घले/ तेज घले	सम्झना घले, छतिवन, ८७८८	बिर घले/ पदम घले	सरिता घले, छतिवन, ५१२१	मेघ घले/ धन घले
